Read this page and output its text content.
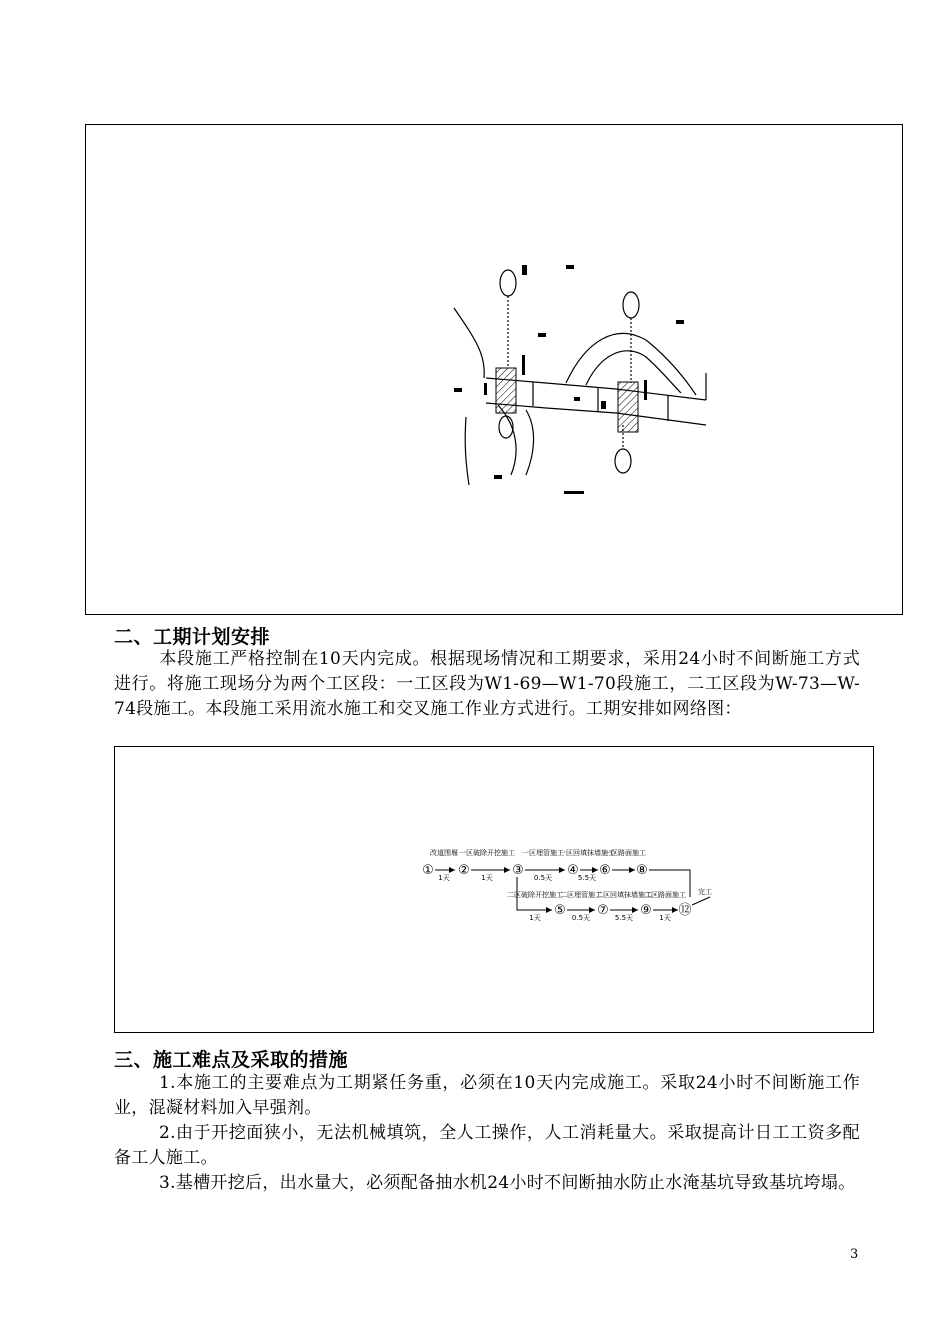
二、工期计划安排
本段施工严格控制在10天内完成。根据现场情况和工期要求，采用24小时不间断施工方式进行。将施工现场分为两个工区段：一工区段为W1-69—W1-70段施工，二工区段为W-73—W-74段施工。本段施工采用流水施工和交叉施工作业方式进行。工期安排如网络图：
① ②	③	④
⑤
⑥
⑦
⑧
⑨ ⑫
改道围堰
1天
一区破除开挖施工
1天
一区埋管施工
0.5天
一区回填抹墙施工
5.5天
一区路面施工
二区破除开挖施工
1天
二区埋管施工
0.5天
二区回填抹墙施工
5.5天
二区路面施工
1天
完工
三、施工难点及采取的措施
1.本施工的主要难点为工期紧任务重，必须在10天内完成施工。采取24小时不间断施工作业，混凝材料加入早强剂。
2.由于开挖面狭小，无法机械填筑，全人工操作，人工消耗量大。采取提高计日工工资多配备工人施工。
3.基槽开挖后，出水量大，必须配备抽水机24小时不间断抽水防止水淹基坑导致基坑垮塌。
3
